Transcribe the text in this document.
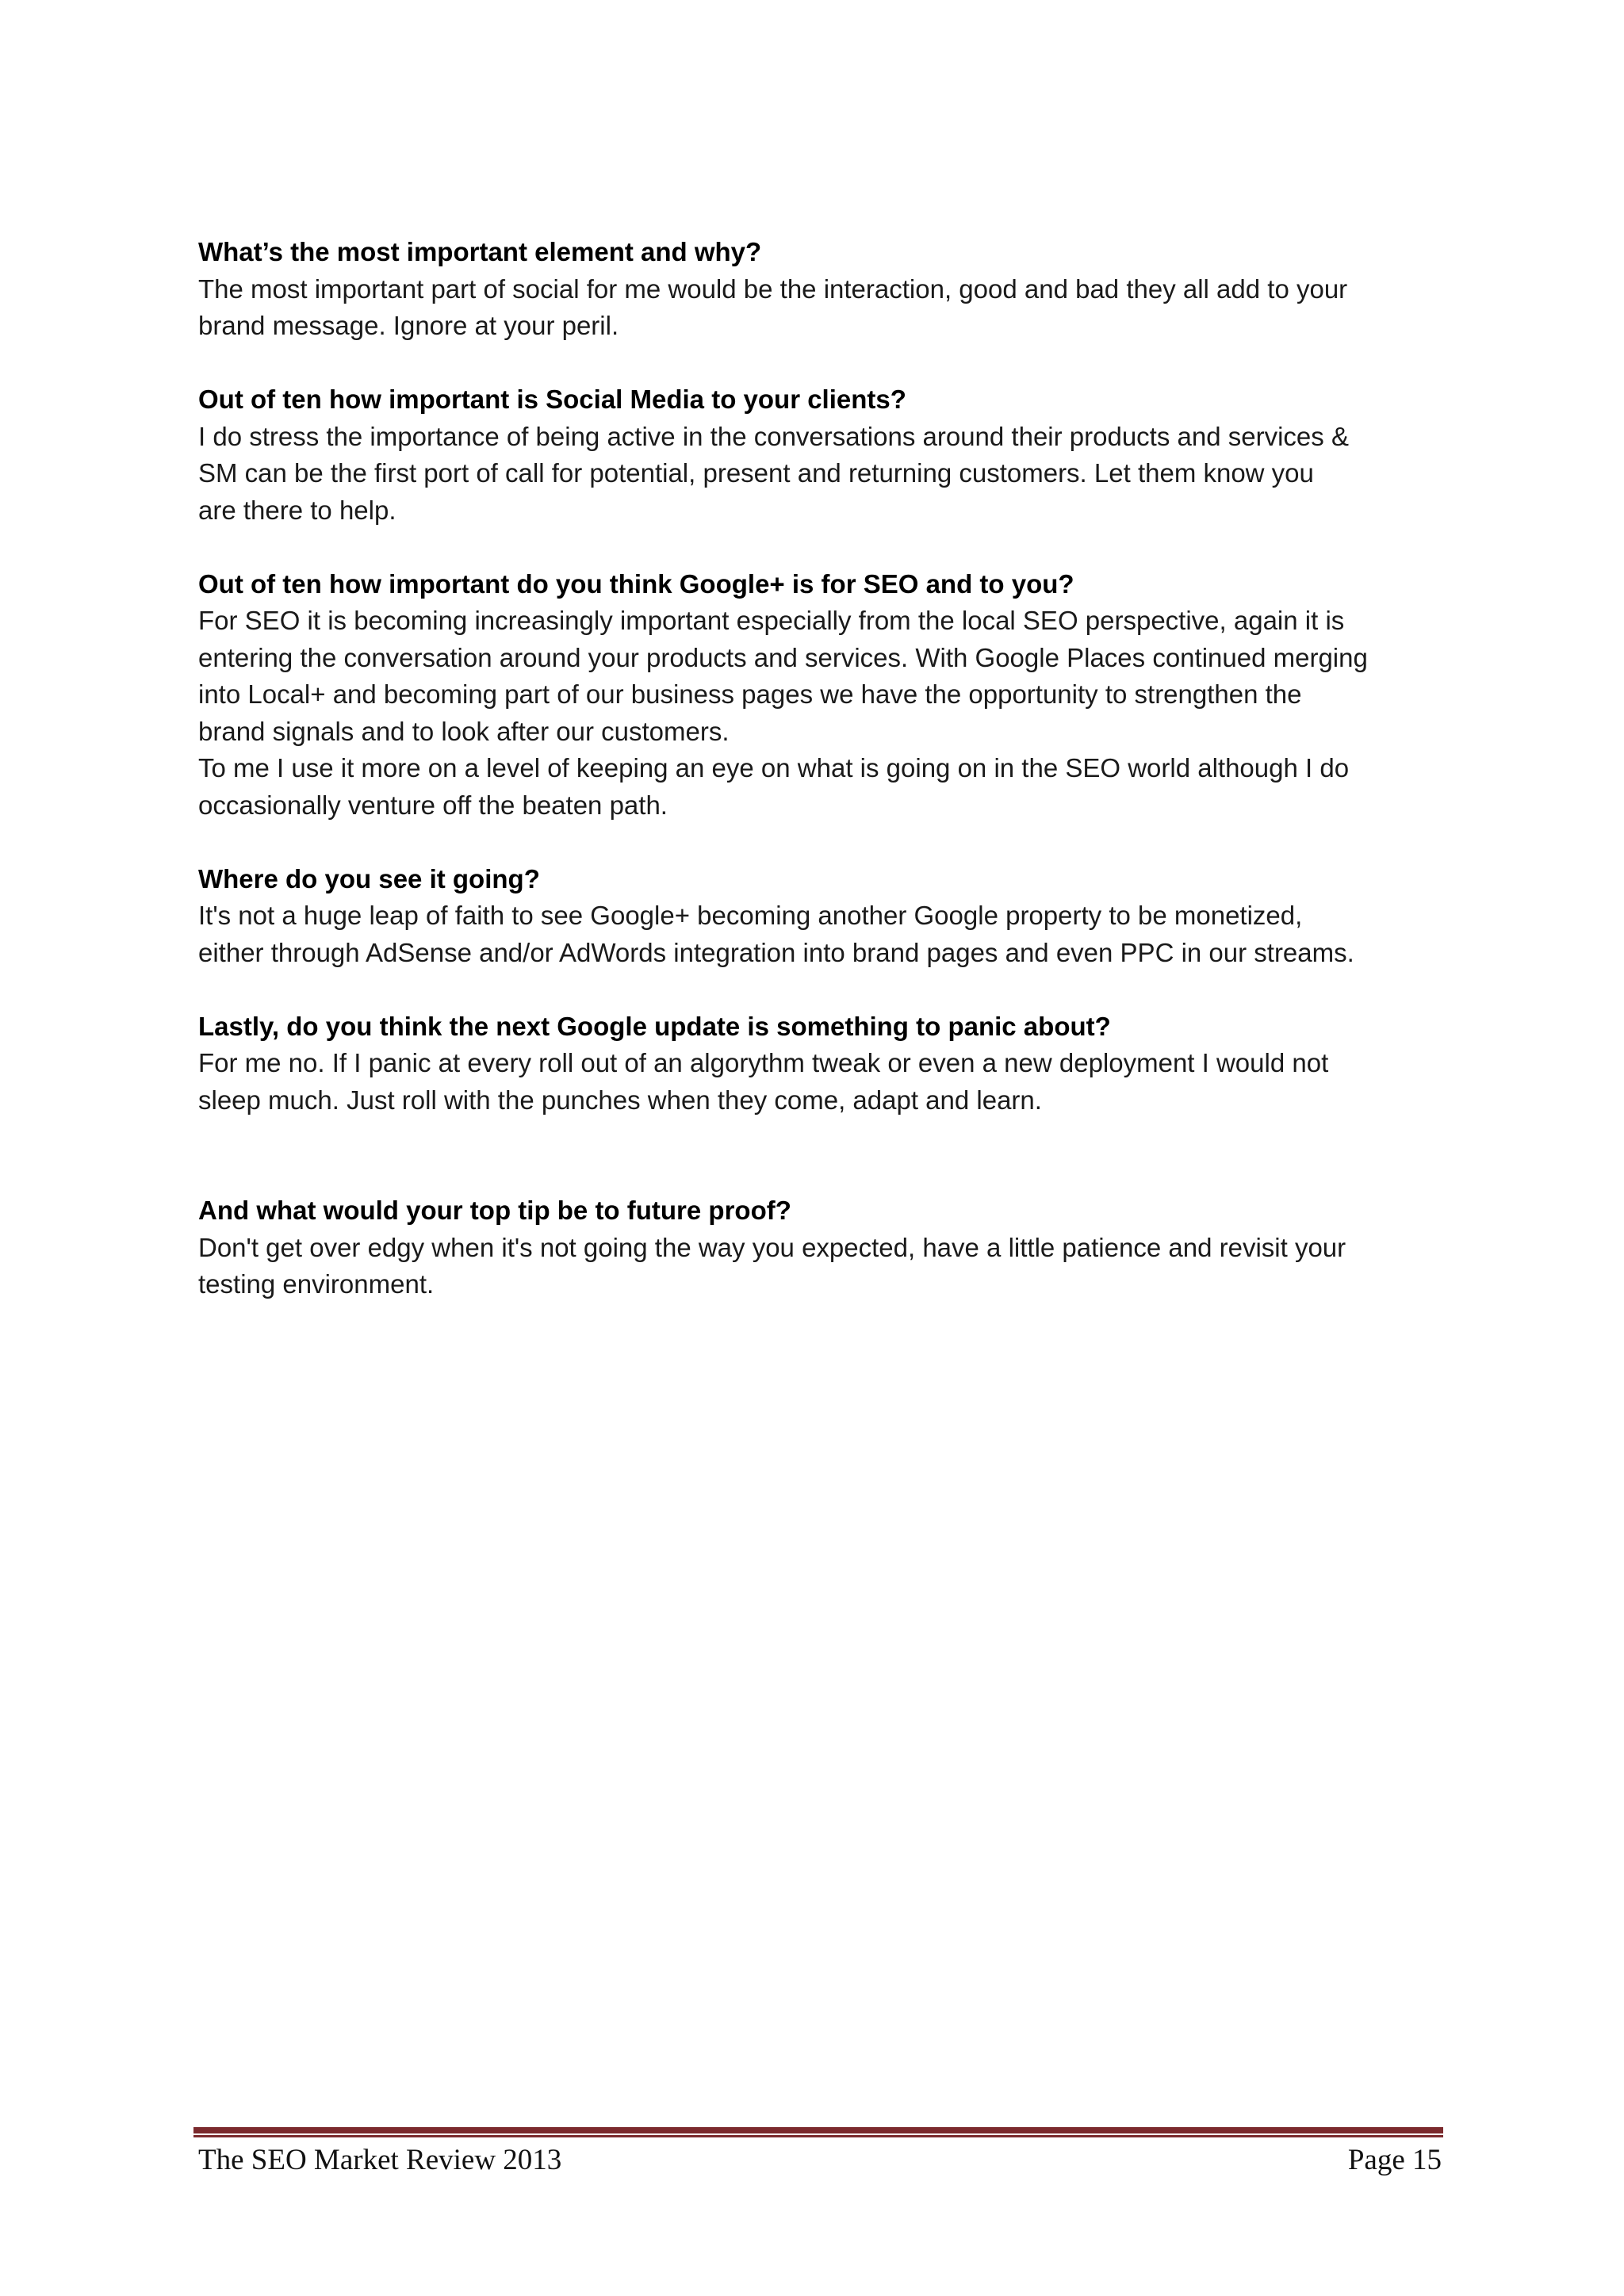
What’s the most important element and why?

The most important part of social for me would be the interaction, good and bad they all add to your

brand message. Ignore at your peril.

Out of ten how important is Social Media to your clients?

I do stress the importance of being active in the conversations around their products and services &

SM can be the first port of call for potential, present and returning customers. Let them know you

are there to help.

Out of ten how important do you think Google+ is for SEO and to you?

For SEO it is becoming increasingly important especially from the local SEO perspective, again it is

entering the conversation around your products and services. With Google Places continued merging

into Local+ and becoming part of our business pages we have the opportunity to strengthen the

brand signals and to look after our customers.

To me I use it more on a level of keeping an eye on what is going on in the SEO world although I do

occasionally venture off the beaten path.

Where do you see it going?

It's not a huge leap of faith to see Google+ becoming another Google property to be monetized,

either through AdSense and/or AdWords integration into brand pages and even PPC in our streams.

Lastly, do you think the next Google update is something to panic about?

For me no. If I panic at every roll out of an algorythm tweak or even a new deployment I would not

sleep much. Just roll with the punches when they come, adapt and learn.

And what would your top tip be to future proof?

Don't get over edgy when it's not going the way you expected, have a little patience and revisit your

testing environment.

The SEO Market Review 2013	Page 15
